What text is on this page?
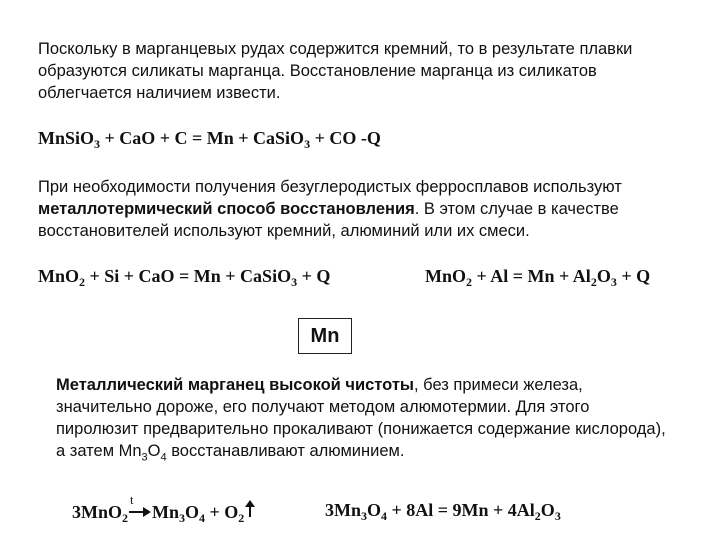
Поскольку в марганцевых рудах содержится кремний, то в результате плавки образуются силикаты марганца. Восстановление марганца из силикатов облегчается наличием извести.

MnSiO$_3$ + CaO + C = Mn + CaSiO$_3$ + CO -Q

При необходимости получения безуглеродистых ферросплавов используют металлотермический способ восстановления. В этом случае в качестве восстановителей используют кремний, алюминий или их смеси.

MnO$_2$ + Si + CaO = Mn + CaSiO$_3$ + Q	$MnO_2 + Al = Mn + Al_2O_3 + Q$
Mn

Металлический марганец высокой чистоты, без примеси железа, значительно дороже, его получают методом алюмотермии. Для этого пиролюзит предварительно прокаливают (понижается содержание кислорода), а затем $Mn_3O_4$ восстанавливают алюминием.

3MnO$_2$
t
$Mn_3O_4 + O_2$	$3Mn_3O_4 + 8Al = 9Mn + 4Al_2O_3$
